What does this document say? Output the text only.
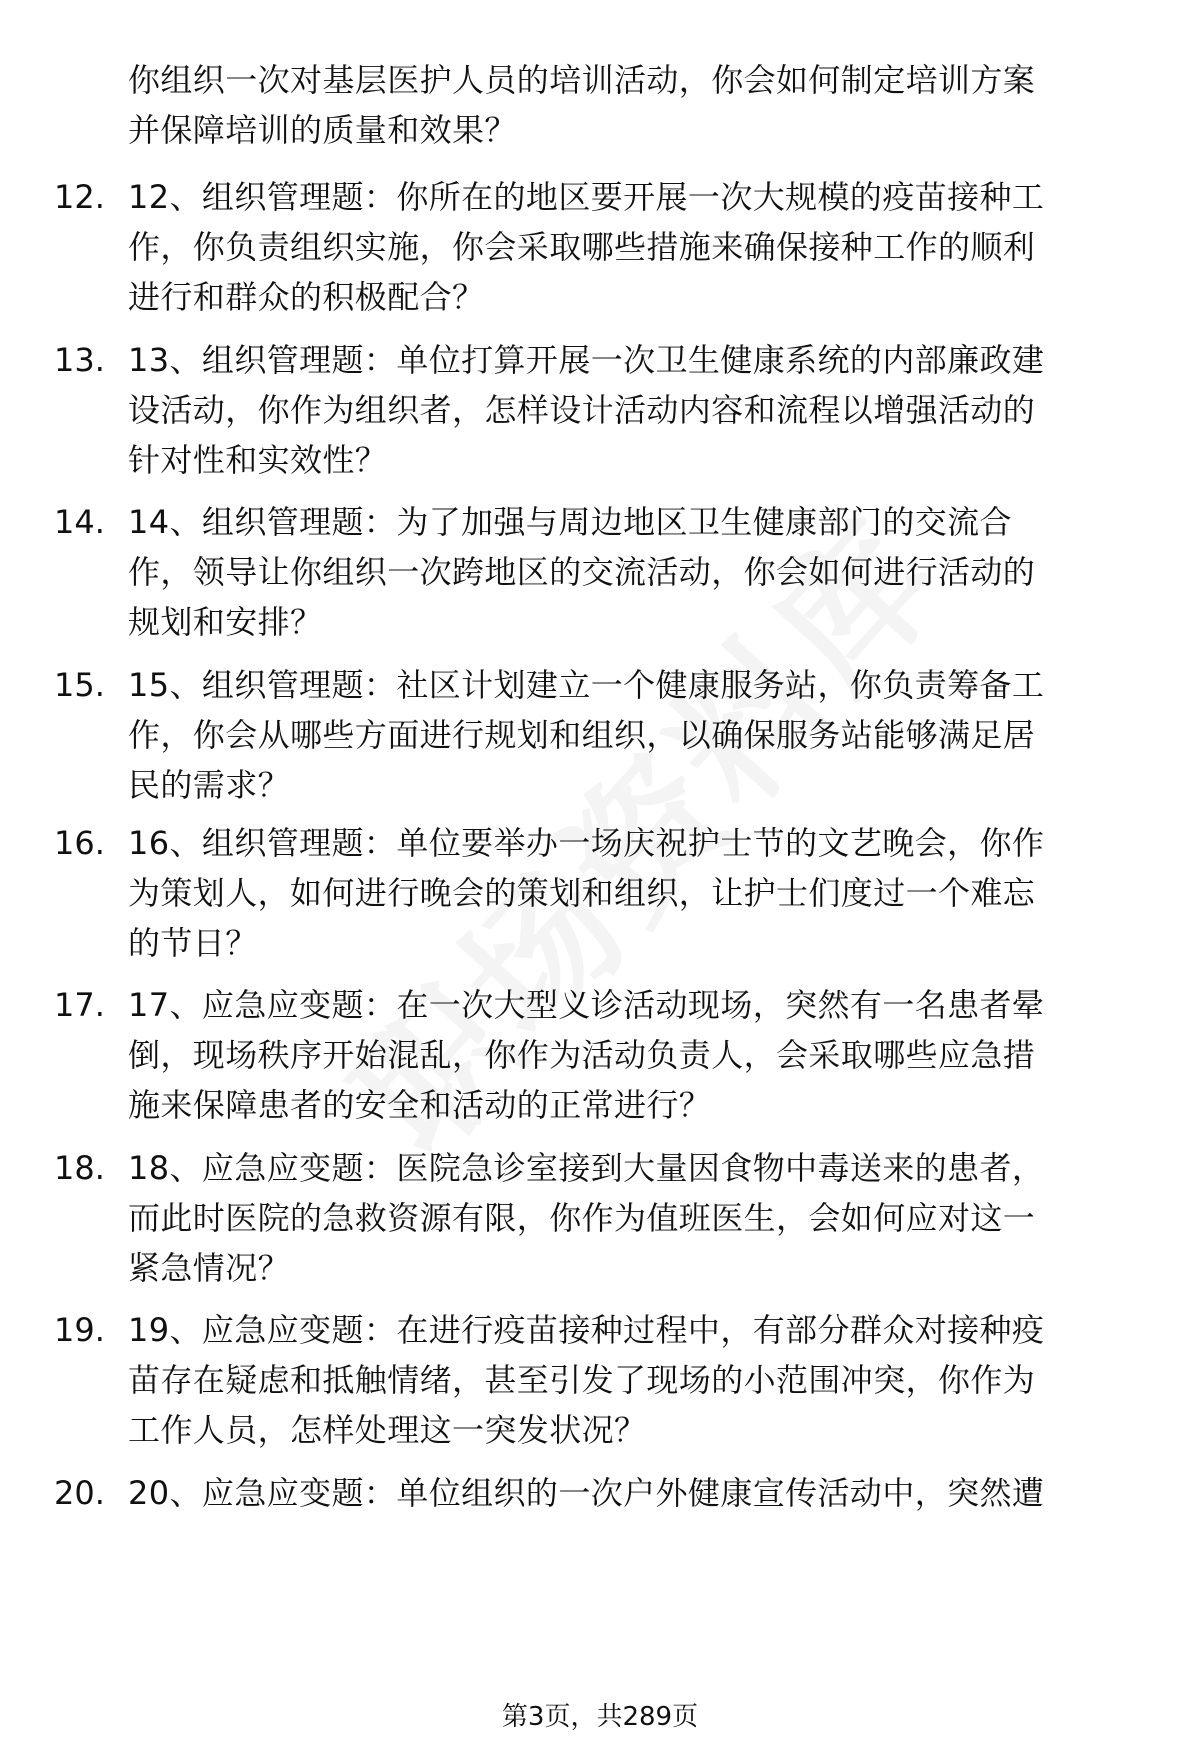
你组织一次对基层医护人员的培训活动，你会如何制定培训方案
并保障培训的质量和效果？
12. 12、组织管理题：你所在的地区要开展一次大规模的疫苗接种工
作，你负责组织实施，你会采取哪些措施来确保接种工作的顺利
进行和群众的积极配合？
13. 13、组织管理题：单位打算开展一次卫生健康系统的内部廉政建
设活动，你作为组织者，怎样设计活动内容和流程以增强活动的
针对性和实效性？
14. 14、组织管理题：为了加强与周边地区卫生健康部门的交流合
作，领导让你组织一次跨地区的交流活动，你会如何进行活动的
规划和安排？
15. 15、组织管理题：社区计划建立一个健康服务站，你负责筹备工
作，你会从哪些方面进行规划和组织，以确保服务站能够满足居
民的需求？
16. 16、组织管理题：单位要举办一场庆祝护士节的文艺晚会，你作
为策划人，如何进行晚会的策划和组织，让护士们度过一个难忘
的节日？
17. 17、应急应变题：在一次大型义诊活动现场，突然有一名患者晕
倒，现场秩序开始混乱，你作为活动负责人，会采取哪些应急措
施来保障患者的安全和活动的正常进行？
18. 18、应急应变题：医院急诊室接到大量因食物中毒送来的患者，
而此时医院的急救资源有限，你作为值班医生，会如何应对这一
紧急情况？
19. 19、应急应变题：在进行疫苗接种过程中，有部分群众对接种疫
苗存在疑虑和抵触情绪，甚至引发了现场的小范围冲突，你作为
工作人员，怎样处理这一突发状况？
20. 20、应急应变题：单位组织的一次户外健康宣传活动中，突然遭
第3页，共289页
